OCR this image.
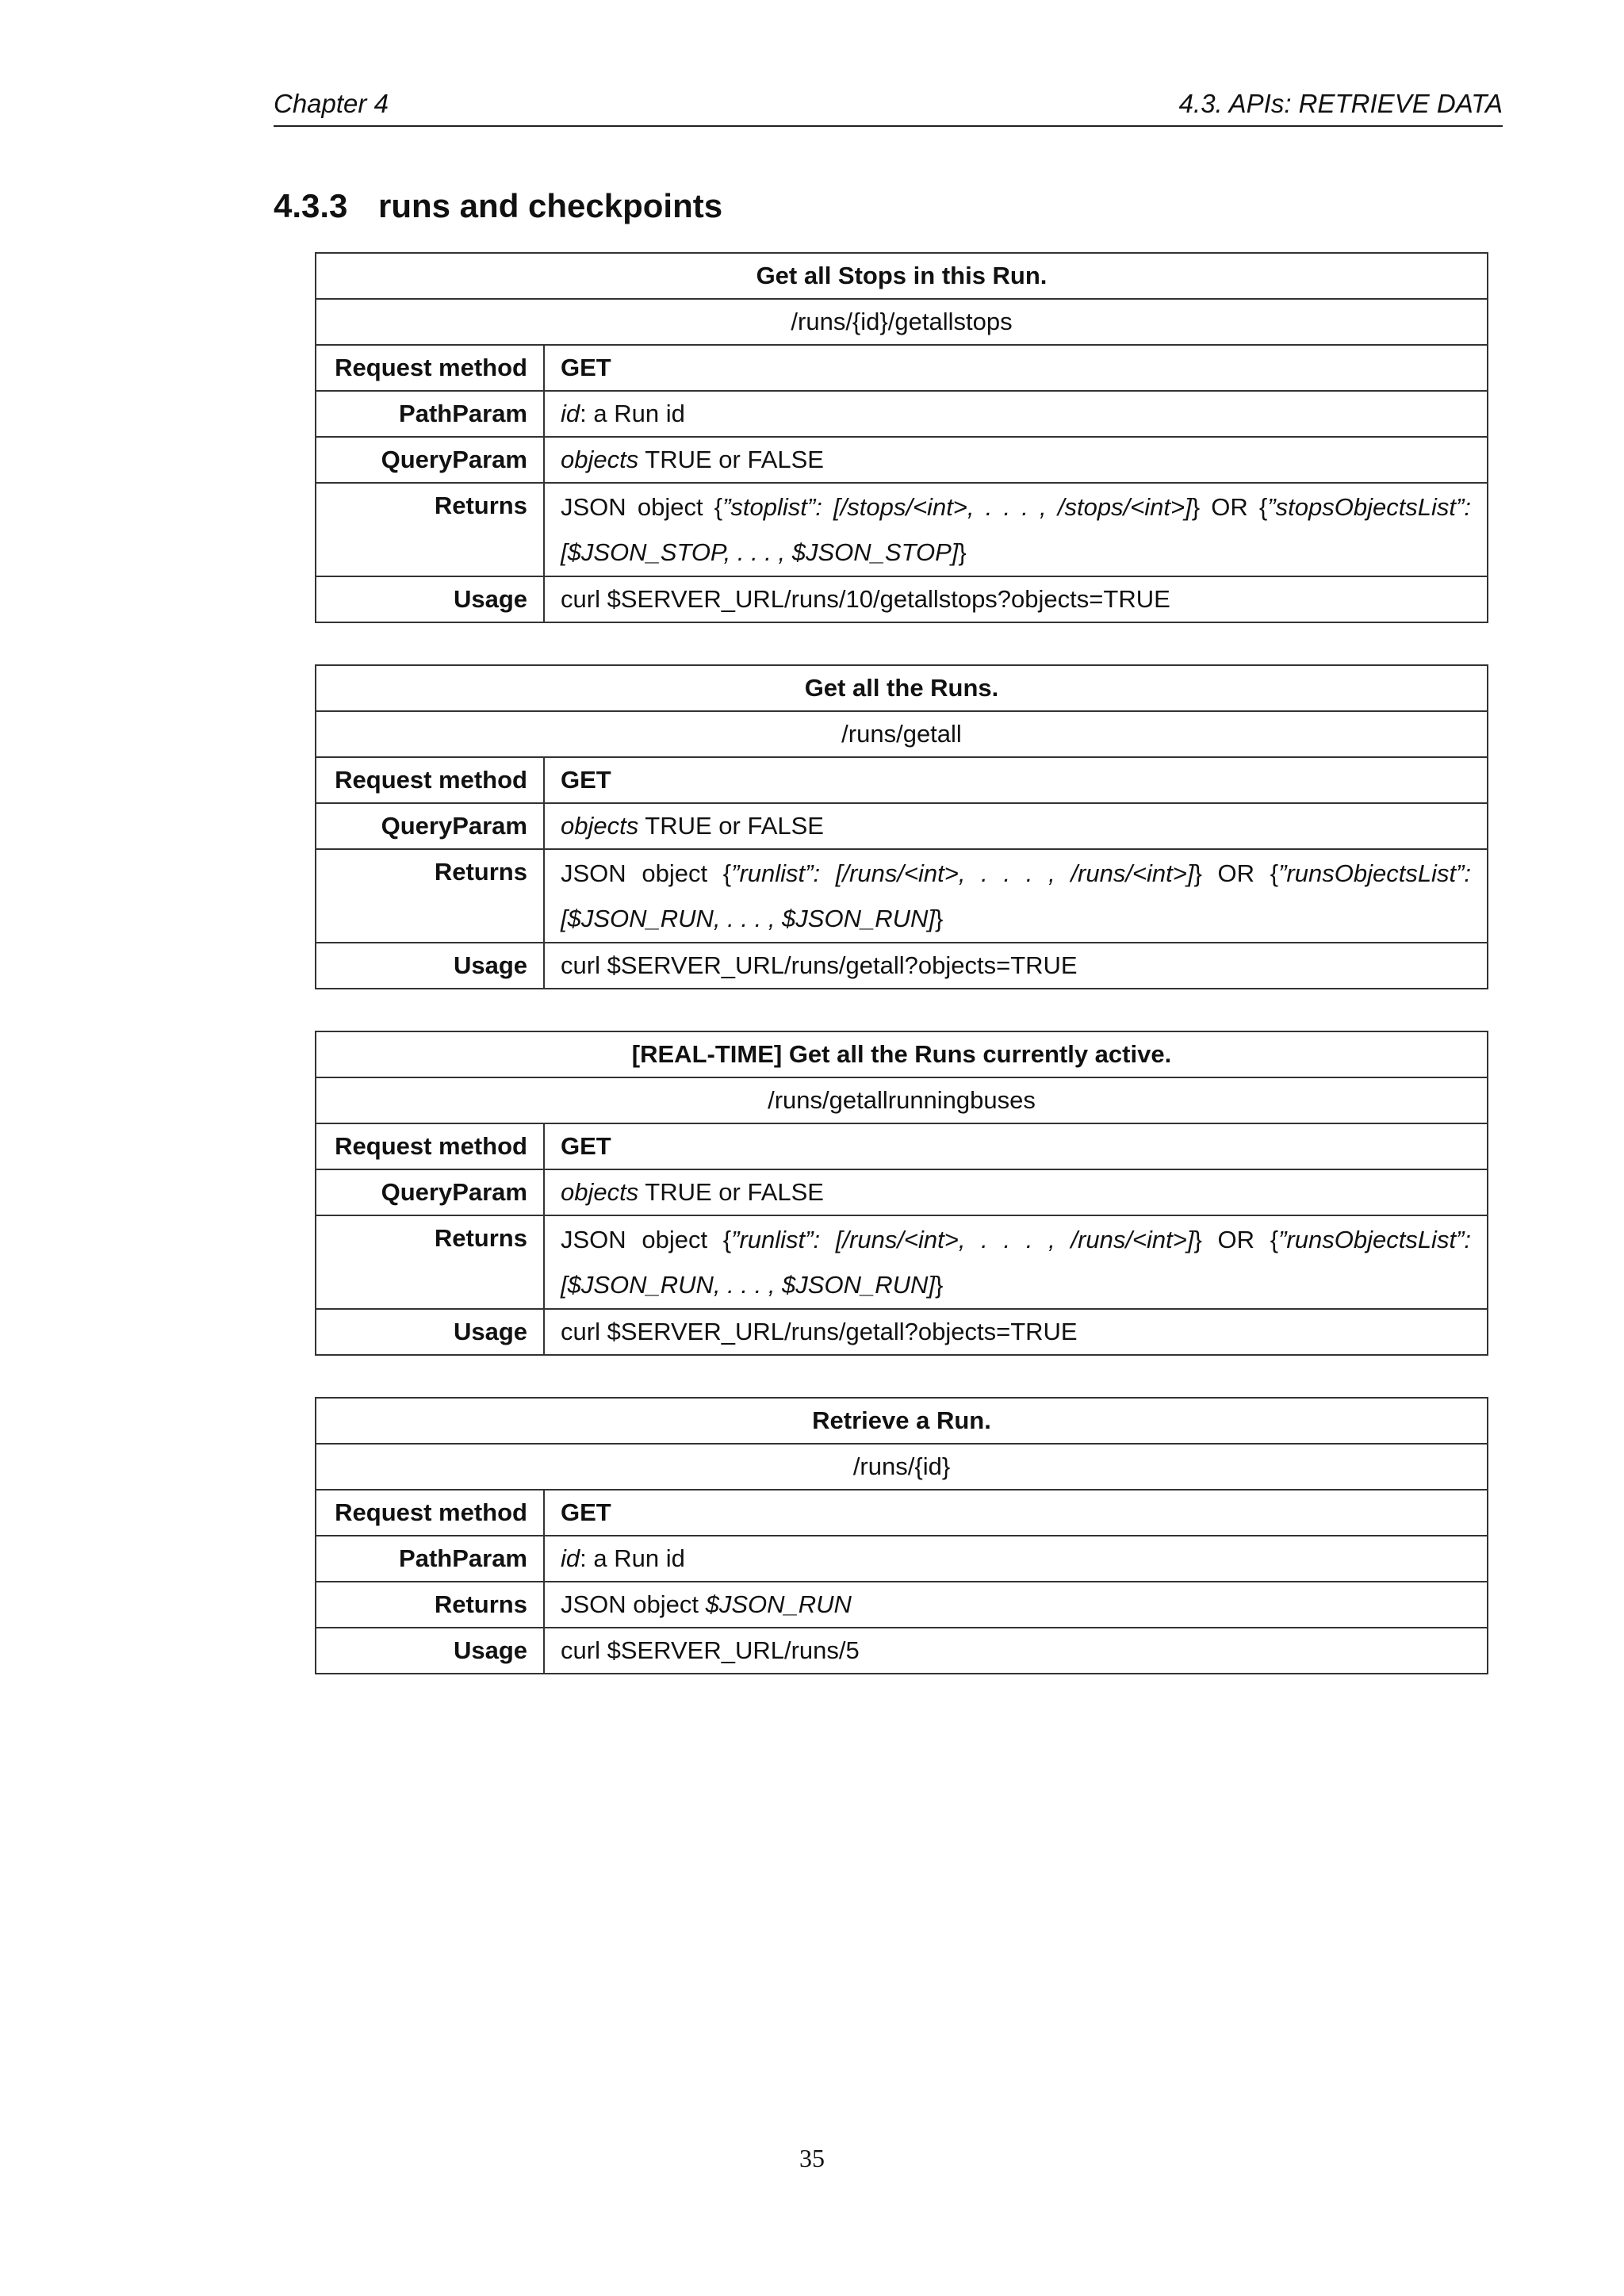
Chapter 4	4.3. APIs: RETRIEVE DATA
4.3.3 runs and checkpoints
Get all Stops in this Run.	
/runs/{id}/getallstops	
Request method	GET
PathParam	id: a Run id
QueryParam	objects TRUE or FALSE
Returns	JSON object {”stoplist”: [/stops/<int>, . . . , /stops/<int>]} OR {”stopsObjectsList”: [$JSON_STOP, . . . , $JSON_STOP]}
Usage	curl $SERVER_URL/runs/10/getallstops?objects=TRUE
Get all the Runs.	
/runs/getall	
Request method	GET
QueryParam	objects TRUE or FALSE
Returns	JSON object {”runlist”: [/runs/<int>, . . . , /runs/<int>]} OR {”runsObjectsList”: [$JSON_RUN, . . . , $JSON_RUN]}
Usage	curl $SERVER_URL/runs/getall?objects=TRUE
[REAL-TIME] Get all the Runs currently active.	
/runs/getallrunningbuses	
Request method	GET
QueryParam	objects TRUE or FALSE
Returns	JSON object {”runlist”: [/runs/<int>, . . . , /runs/<int>]} OR {”runsObjectsList”: [$JSON_RUN, . . . , $JSON_RUN]}
Usage	curl $SERVER_URL/runs/getall?objects=TRUE
Retrieve a Run.	
/runs/{id}	
Request method	GET
PathParam	id: a Run id
Returns	JSON object $JSON_RUN
Usage	curl $SERVER_URL/runs/5
35
